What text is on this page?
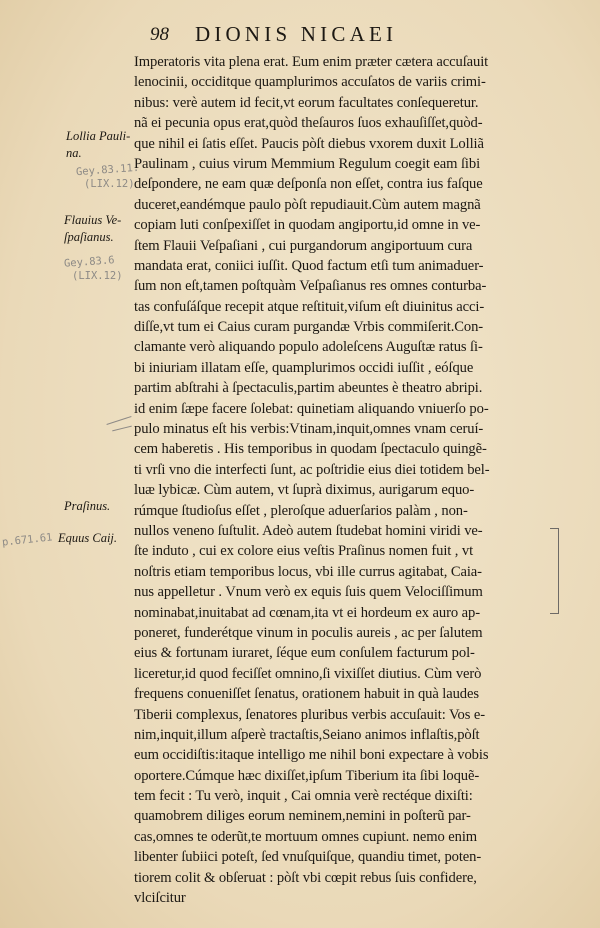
98 DIONIS NICAEI
Imperatoris vita plena erat. Eum enim præter cætera accuſauit
lenocinii, occiditque quamplurimos accuſatos de variis crimi-
nibus: verè autem id fecit,vt eorum facultates conſequeretur.
nã ei pecunia opus erat,quòd theſauros ſuos exhauſiſſet,quòd-
que nihil ei ſatis eſſet. Paucis pòſt diebus vxorem duxit Lolliã
Paulinam , cuius virum Memmium Regulum coegit eam ſibi
deſpondere, ne eam quæ deſponſa non eſſet, contra ius faſque
duceret,eandémque paulo pòſt repudiauit.Cùm autem magnã
copiam luti conſpexiſſet in quodam angiportu,id omne in ve-
ſtem Flauii Veſpaſiani , cui purgandorum angiportuum cura
mandata erat, coniici iuſſit. Quod factum etſi tum animaduer-
ſum non eſt,tamen poſtquàm Veſpaſianus res omnes conturba-
tas confuſáſque recepit atque reſtituit,viſum eſt diuinitus acci-
diſſe,vt tum ei Caius curam purgandæ Vrbis commiſerit.Con-
clamante verò aliquando populo adoleſcens Auguſtæ ratus ſi-
bi iniuriam illatam eſſe, quamplurimos occidi iuſſit , eóſque
partim abſtrahi à ſpectaculis,partim abeuntes è theatro abripi.
id enim ſæpe facere ſolebat: quinetiam aliquando vniuerſo po-
pulo minatus eſt his verbis:Vtinam,inquit,omnes vnam ceruí-
cem haberetis . His temporibus in quodam ſpectaculo quingẽ-
ti vrſi vno die interfecti ſunt, ac poſtridie eius diei totidem bel-
luæ lybicæ. Cùm autem, vt ſuprà diximus, aurigarum equo-
rúmque ſtudioſus eſſet , pleroſque aduerſarios palàm , non-
nullos veneno ſuſtulit. Adeò autem ſtudebat homini viridi ve-
ſte induto , cui ex colore eius veſtis Praſinus nomen fuit , vt
noſtris etiam temporibus locus, vbi ille currus agitabat, Caia-
nus appelletur . Vnum verò ex equis ſuis quem Velociſſimum
nominabat,inuitabat ad cœnam,ita vt ei hordeum ex auro ap-
poneret, funderétque vinum in poculis aureis , ac per ſalutem
eius & fortunam iuraret, ſéque eum conſulem facturum pol-
liceretur,id quod feciſſet omnino,ſi vixiſſet diutius. Cùm verò
frequens conueniſſet ſenatus, orationem habuit in quà laudes
Tiberii complexus, ſenatores pluribus verbis accuſauit: Vos e-
nim,inquit,illum aſperè tractaſtis,Seiano animos inflaſtis,pòſt
eum occidiſtis:itaque intelligo me nihil boni expectare à vobis
oportere.Cúmque hæc dixiſſet,ipſum Tiberium ita ſibi loquẽ-
tem fecit : Tu verò, inquit , Cai omnia verè rectéque dixiſti:
quamobrem diliges eorum neminem,nemini in poſterũ par-
cas,omnes te oderũt,te mortuum omnes cupiunt. nemo enim
libenter ſubiici poteſt, ſed vnuſquiſque, quandiu timet, poten-
tiorem colit & obſeruat : pòſt vbi cœpit rebus ſuis confidere,
vlciſcitur
Lollia Pauli-
na.
Flauius Ve-
ſpaſianus.
Praſinus.
Equus Caij.
Gey.83.11.
(LIX.12)
Gey.83.6
(LIX.12)
p.671.61
